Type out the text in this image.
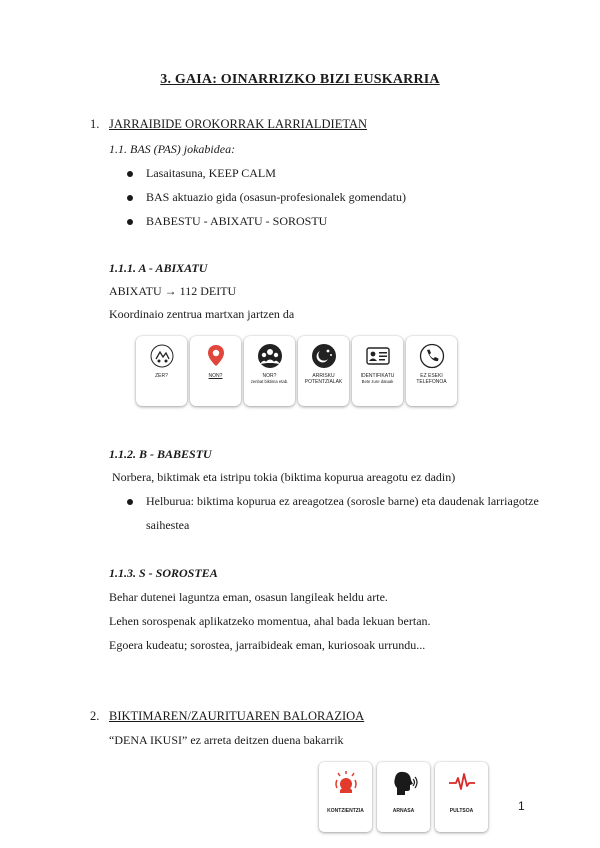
3. GAIA: OINARRIZKO BIZI EUSKARRIA
1. JARRAIBIDE OROKORRAK LARRIALDIETAN
1.1. BAS (PAS) jokabidea:
Lasaitasuna, KEEP CALM
BAS aktuazio gida (osasun-profesionalek gomendatu)
BABESTU - ABIXATU - SOROSTU
1.1.1. A - ABIXATU
ABIXATU → 112 DEITU
Koordinaio zentrua martxan jartzen da
ZER?	NON?	NOR?
zenbat biktima etab.
ARRISKU POTENTZIALAK
IDENTIFIKATU
Bete zure datuak
EZ ESEKI TELEFONOA
1.1.2. B - BABESTU
Norbera, biktimak eta istripu tokia (biktima kopurua areagotu ez dadin)
Helburua: biktima kopurua ez areagotzea (sorosle barne) eta daudenak larriagotze
saihestea
1.1.3. S - SOROSTEA
Behar dutenei laguntza eman, osasun langileak heldu arte.
Lehen sorospenak aplikatzeko momentua, ahal bada lekuan bertan.
Egoera kudeatu; sorostea, jarraibideak eman, kuriosoak urrundu...
2. BIKTIMAREN/ZAURITUAREN BALORAZIOA
“DENA IKUSI” ez arreta deitzen duena bakarrik
KONTZIENTZIA	ARNASA	PULTSOA	1
